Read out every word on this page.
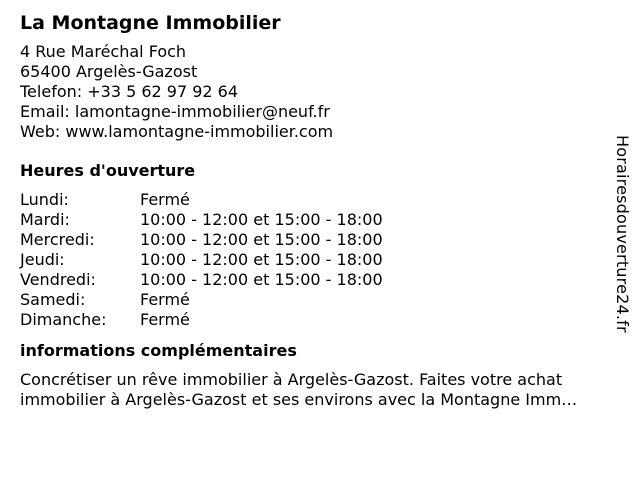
La Montagne Immobilier
4 Rue Maréchal Foch
65400 Argelès-Gazost
Telefon: +33 5 62 97 92 64
Email: lamontagne-immobilier@neuf.fr
Web: www.lamontagne-immobilier.com
Heures d'ouverture
Lundi:	Fermé
Mardi:	10:00 - 12:00 et 15:00 - 18:00
Mercredi:	10:00 - 12:00 et 15:00 - 18:00
Jeudi:	10:00 - 12:00 et 15:00 - 18:00
Vendredi:	10:00 - 12:00 et 15:00 - 18:00
Samedi:	Fermé
Dimanche:	Fermé
informations complémentaires
Concrétiser un rêve immobilier à Argelès-Gazost. Faites votre achat
immobilier à Argelès-Gazost et ses environs avec la Montagne Imm…
Horairesdouverture24.fr
